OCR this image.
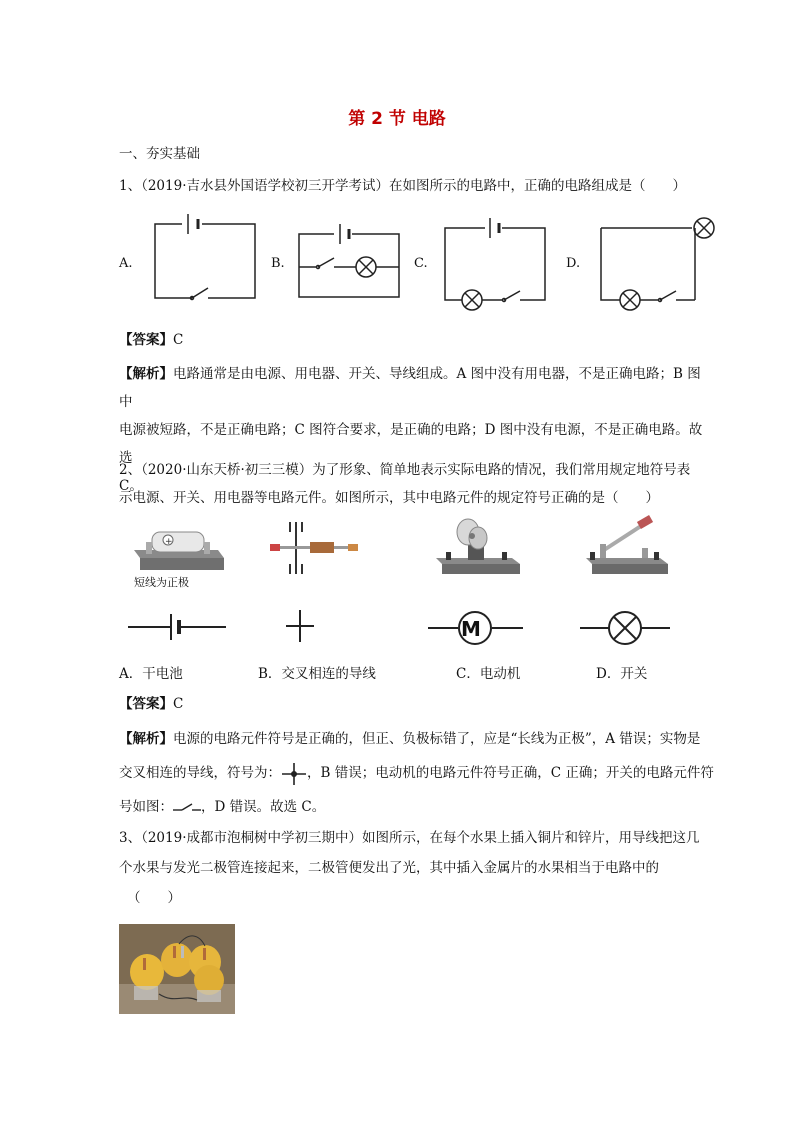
第 2 节 电路
一、夯实基础
1、（2019·吉水县外国语学校初三开学考试）在如图所示的电路中，正确的电路组成是（　　）
A.	B.	C.	D.
【答案】C
【解析】电路通常是由电源、用电器、开关、导线组成。A 图中没有用电器，不是正确电路；B 图中
电源被短路，不是正确电路；C 图符合要求，是正确的电路；D 图中没有电源，不是正确电路。故选
C。
2、（2020·山东天桥·初三三模）为了形象、简单地表示实际电路的情况，我们常用规定地符号表
示电源、开关、用电器等电路元件。如图所示，其中电路元件的规定符号正确的是（　　）
+
短线为正极
M
A．干电池	B．交叉相连的导线	C．电动机	D．开关
【答案】C
【解析】电源的电路元件符号是正确的，但正、负极标错了，应是“长线为正极”，A 错误；实物是
交叉相连的导线，符号为： ，B 错误；电动机的电路元件符号正确，C 正确；开关的电路元件符
号如图： ，D 错误。故选 C。
3、（2019·成都市泡桐树中学初三期中）如图所示，在每个水果上插入铜片和锌片，用导线把这几
个水果与发光二极管连接起来，二极管便发出了光，其中插入金属片的水果相当于电路中的
（　　）
